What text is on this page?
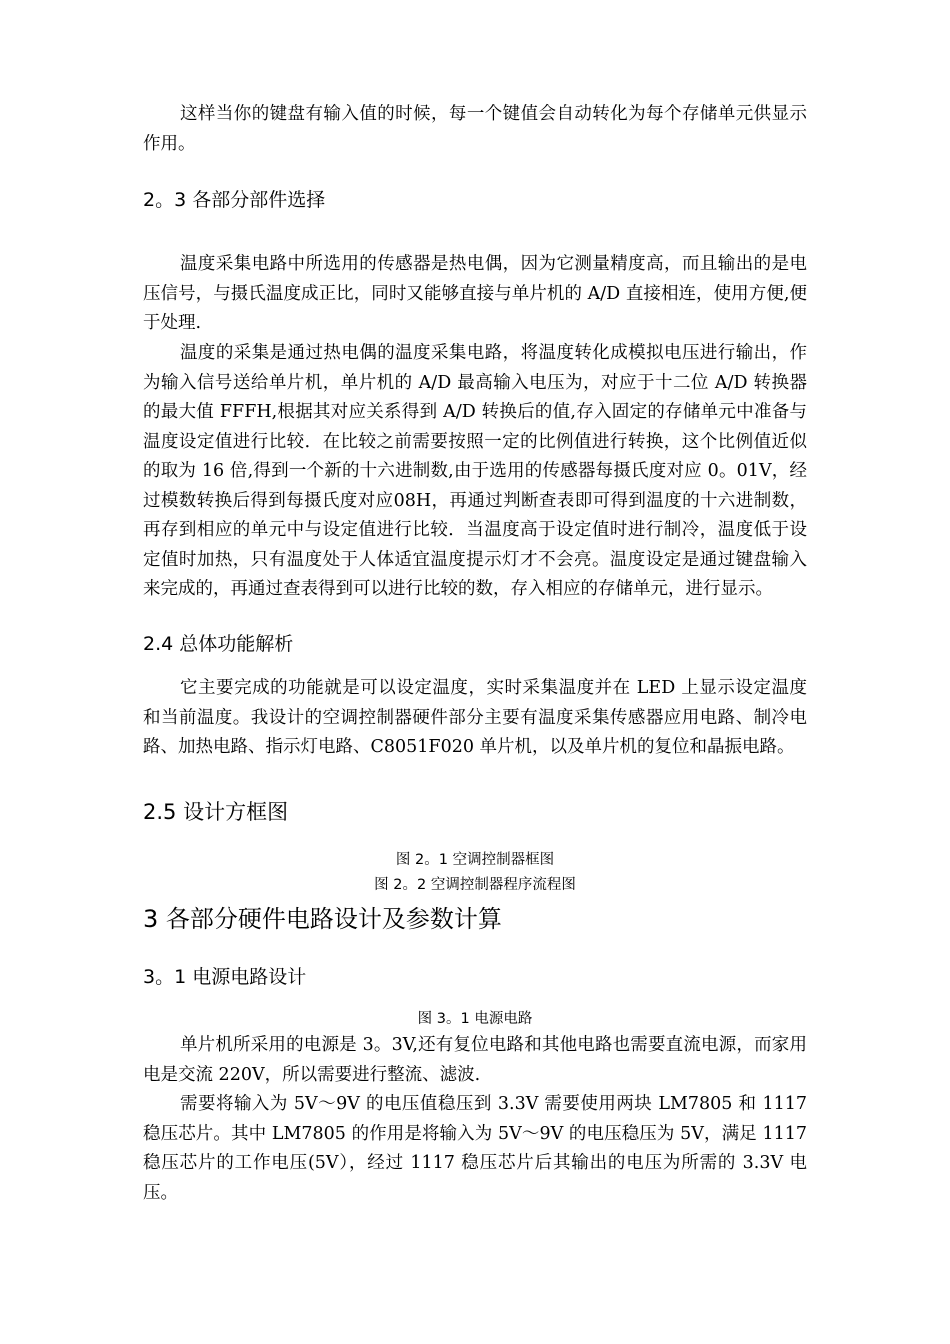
这样当你的键盘有输入值的时候，每一个键值会自动转化为每个存储单元供显示作用。

2。3 各部分部件选择

温度采集电路中所选用的传感器是热电偶，因为它测量精度高，而且输出的是电压信号，与摄氏温度成正比，同时又能够直接与单片机的 A/D 直接相连，使用方便,便于处理.

温度的采集是通过热电偶的温度采集电路，将温度转化成模拟电压进行输出，作为输入信号送给单片机，单片机的 A/D 最高输入电压为，对应于十二位 A/D 转换器的最大值 FFFH,根据其对应关系得到 A/D 转换后的值,存入固定的存储单元中准备与温度设定值进行比较．在比较之前需要按照一定的比例值进行转换，这个比例值近似的取为 16 倍,得到一个新的十六进制数,由于选用的传感器每摄氏度对应 0。01V，经过模数转换后得到每摄氏度对应08H，再通过判断查表即可得到温度的十六进制数，再存到相应的单元中与设定值进行比较．当温度高于设定值时进行制冷，温度低于设定值时加热，只有温度处于人体适宜温度提示灯才不会亮。温度设定是通过键盘输入来完成的，再通过查表得到可以进行比较的数，存入相应的存储单元，进行显示。

2.4 总体功能解析

它主要完成的功能就是可以设定温度，实时采集温度并在 LED 上显示设定温度和当前温度。我设计的空调控制器硬件部分主要有温度采集传感器应用电路、制冷电路、加热电路、指示灯电路、C8051F020 单片机，以及单片机的复位和晶振电路。

2.5 设计方框图

图 2。1 空调控制器框图

图 2。2 空调控制器程序流程图

3 各部分硬件电路设计及参数计算
3。1 电源电路设计

图 3。1 电源电路

单片机所采用的电源是 3。3V,还有复位电路和其他电路也需要直流电源，而家用电是交流 220V，所以需要进行整流、滤波.

需要将输入为 5V～9V 的电压值稳压到 3.3V 需要使用两块 LM7805 和 1117 稳压芯片。其中 LM7805 的作用是将输入为 5V～9V 的电压稳压为 5V，满足 1117 稳压芯片的工作电压(5V），经过 1117 稳压芯片后其输出的电压为所需的 3.3V 电压。
